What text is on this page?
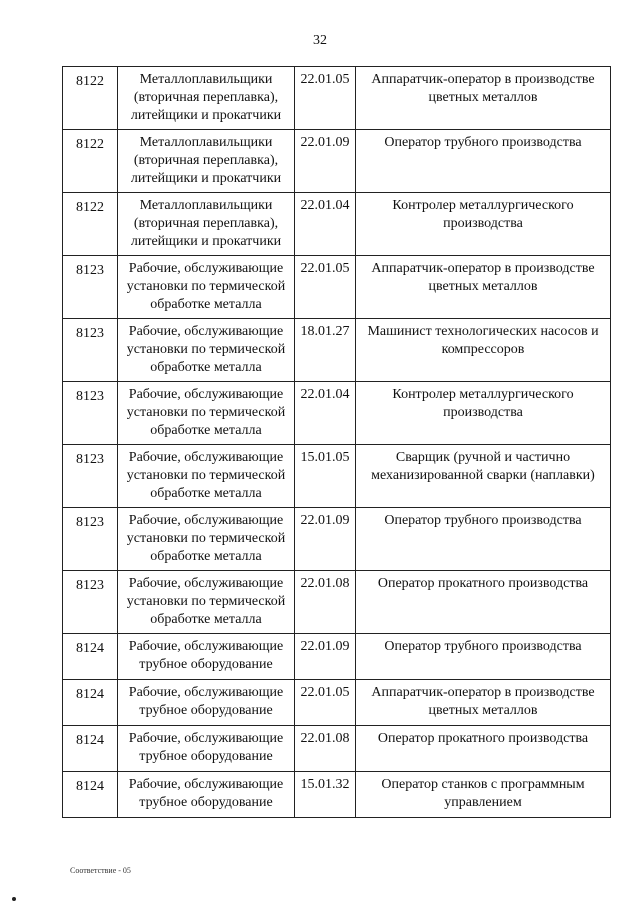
32
8122	Металлоплавильщики (вторичная переплавка), литейщики и прокатчики	22.01.05	Аппаратчик-оператор в производстве цветных металлов
8122	Металлоплавильщики (вторичная переплавка), литейщики и прокатчики	22.01.09	Оператор трубного производства
8122	Металлоплавильщики (вторичная переплавка), литейщики и прокатчики	22.01.04	Контролер металлургического производства
8123	Рабочие, обслуживающие установки по термической обработке металла	22.01.05	Аппаратчик-оператор в производстве цветных металлов
8123	Рабочие, обслуживающие установки по термической обработке металла	18.01.27	Машинист технологических насосов и компрессоров
8123	Рабочие, обслуживающие установки по термической обработке металла	22.01.04	Контролер металлургического производства
8123	Рабочие, обслуживающие установки по термической обработке металла	15.01.05	Сварщик (ручной и частично механизированной сварки (наплавки)
8123	Рабочие, обслуживающие установки по термической обработке металла	22.01.09	Оператор трубного производства
8123	Рабочие, обслуживающие установки по термической обработке металла	22.01.08	Оператор прокатного производства
8124	Рабочие, обслуживающие трубное оборудование	22.01.09	Оператор трубного производства
8124	Рабочие, обслуживающие трубное оборудование	22.01.05	Аппаратчик-оператор в производстве цветных металлов
8124	Рабочие, обслуживающие трубное оборудование	22.01.08	Оператор прокатного производства
8124	Рабочие, обслуживающие трубное оборудование	15.01.32	Оператор станков с программным управлением
Соответствие - 05
